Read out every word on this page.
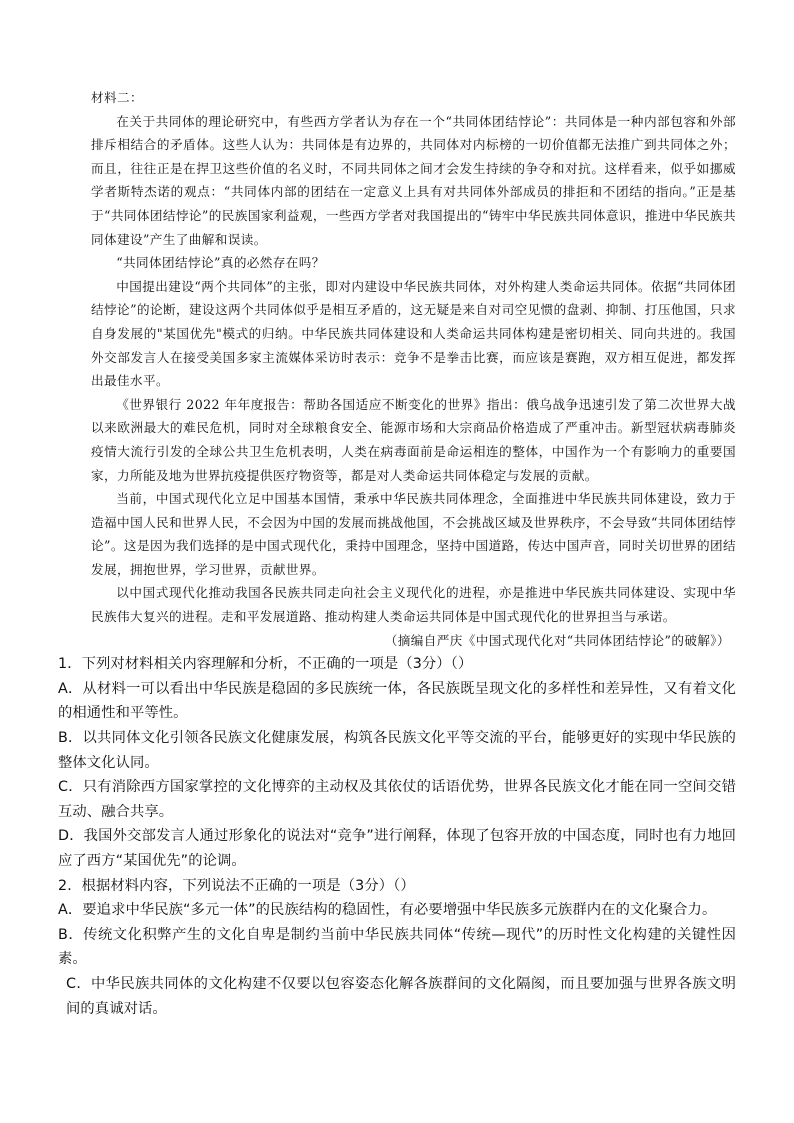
材料二：

在关于共同体的理论研究中，有些西方学者认为存在一个“共同体团结悖论”：共同体是一种内部包容和外部排斥相结合的矛盾体。这些人认为：共同体是有边界的，共同体对内标榜的一切价值都无法推广到共同体之外；而且，往往正是在捍卫这些价值的名义时，不同共同体之间才会发生持续的争夺和对抗。这样看来，似乎如挪威学者斯特杰诺的观点：“共同体内部的团结在一定意义上具有对共同体外部成员的排拒和不团结的指向。”正是基于“共同体团结悖论”的民族国家利益观，一些西方学者对我国提出的“铸牢中华民族共同体意识，推进中华民族共同体建设”产生了曲解和误读。

“共同体团结悖论”真的必然存在吗？

中国提出建设“两个共同体”的主张，即对内建设中华民族共同体，对外构建人类命运共同体。依据“共同体团结悖论”的论断，建设这两个共同体似乎是相互矛盾的，这无疑是来自对司空见惯的盘剥、抑制、打压他国，只求自身发展的"某国优先"模式的归纳。中华民族共同体建设和人类命运共同体构建是密切相关、同向共进的。我国外交部发言人在接受美国多家主流媒体采访时表示：竞争不是拳击比赛，而应该是赛跑，双方相互促进，都发挥出最佳水平。

《世界银行 2022 年年度报告：帮助各国适应不断变化的世界》指出：俄乌战争迅速引发了第二次世界大战以来欧洲最大的难民危机，同时对全球粮食安全、能源市场和大宗商品价格造成了严重冲击。新型冠状病毒肺炎疫情大流行引发的全球公共卫生危机表明，人类在病毒面前是命运相连的整体，中国作为一个有影响力的重要国家，力所能及地为世界抗疫提供医疗物资等，都是对人类命运共同体稳定与发展的贡献。

当前，中国式现代化立足中国基本国情，秉承中华民族共同体理念，全面推进中华民族共同体建设，致力于造福中国人民和世界人民，不会因为中国的发展而挑战他国，不会挑战区域及世界秩序，不会导致“共同体团结悖论”。这是因为我们选择的是中国式现代化，秉持中国理念，坚持中国道路，传达中国声音，同时关切世界的团结发展，拥抱世界，学习世界，贡献世界。

以中国式现代化推动我国各民族共同走向社会主义现代化的进程，亦是推进中华民族共同体建设、实现中华民族伟大复兴的进程。走和平发展道路、推动构建人类命运共同体是中国式现代化的世界担当与承诺。

（摘编自严庆《中国式现代化对“共同体团结悖论”的破解》）

1．下列对材料相关内容理解和分析，不正确的一项是（3分）（）

A．从材料一可以看出中华民族是稳固的多民族统一体，各民族既呈现文化的多样性和差异性，又有着文化的相通性和平等性。

B．以共同体文化引领各民族文化健康发展，构筑各民族文化平等交流的平台，能够更好的实现中华民族的整体文化认同。

C．只有消除西方国家掌控的文化博弈的主动权及其依仗的话语优势，世界各民族文化才能在同一空间交错互动、融合共享。

D．我国外交部发言人通过形象化的说法对“竞争”进行阐释，体现了包容开放的中国态度，同时也有力地回应了西方“某国优先”的论调。

2．根据材料内容，下列说法不正确的一项是（3分）（）

A．要追求中华民族“多元一体”的民族结构的稳固性，有必要增强中华民族多元族群内在的文化聚合力。

B．传统文化积弊产生的文化自卑是制约当前中华民族共同体“传统—现代”的历时性文化构建的关键性因素。

C．中华民族共同体的文化构建不仅要以包容姿态化解各族群间的文化隔阂，而且要加强与世界各族文明间的真诚对话。
